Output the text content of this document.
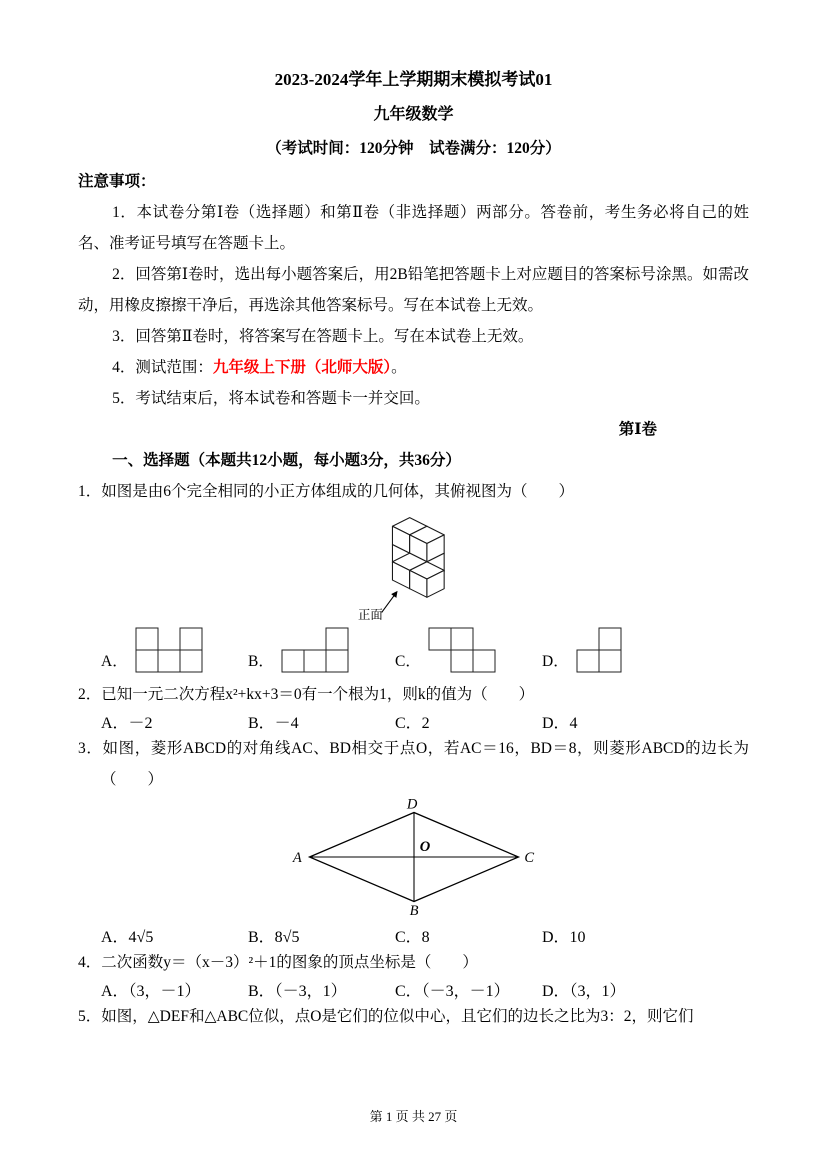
2023-2024学年上学期期末模拟考试01
九年级数学
（考试时间：120分钟　试卷满分：120分）

注意事项：

1．本试卷分第Ⅰ卷（选择题）和第Ⅱ卷（非选择题）两部分。答卷前，考生务必将自己的姓名、准考证号填写在答题卡上。

2．回答第Ⅰ卷时，选出每小题答案后，用2B铅笔把答题卡上对应题目的答案标号涂黑。如需改动，用橡皮擦擦干净后，再选涂其他答案标号。写在本试卷上无效。

3．回答第Ⅱ卷时，将答案写在答题卡上。写在本试卷上无效。

4．测试范围：九年级上下册（北师大版）。

5．考试结束后，将本试卷和答题卡一并交回。

第Ⅰ卷

一、选择题（本题共12小题，每小题3分，共36分）

1．如图是由6个完全相同的小正方体组成的几何体，其俯视图为（　　）

正面
A．	B．	C．	D．

2．已知一元二次方程x²+kx+3＝0有一个根为1，则k的值为（　　）

A．－2	B．－4	C．2	D．4

3．如图，菱形ABCD的对角线AC、BD相交于点O，若AC＝16，BD＝8，则菱形ABCD的边长为（　　）

A
D
C
B
O
A．4√5	B．8√5	C．8	D．10

4．二次函数y＝（x－3）²＋1的图象的顶点坐标是（　　）

A．（3，－1）	B．（－3，1）	C．（－3，－1）	D．（3，1）

5．如图，△DEF和△ABC位似，点O是它们的位似中心，且它们的边长之比为3：2，则它们

第 1 页 共 27 页
